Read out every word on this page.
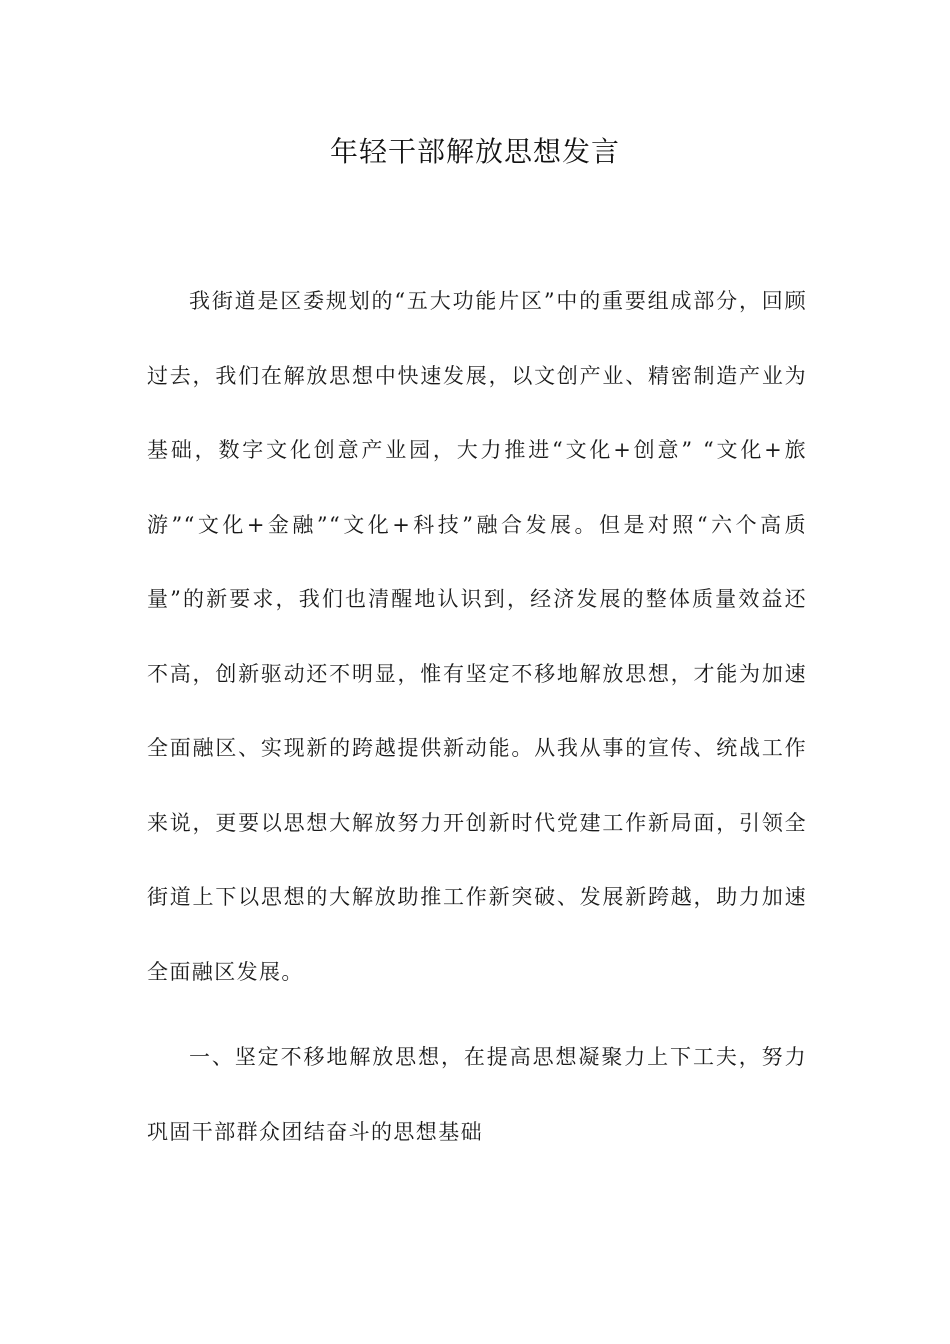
年轻干部解放思想发言

我街道是区委规划的“五大功能片区”中的重要组成部分，回顾过去，我们在解放思想中快速发展，以文创产业、精密制造产业为基础，数字文化创意产业园，大力推进“文化+创意” “文化+旅游”“文化+金融”“文化+科技”融合发展。但是对照“六个高质量”的新要求，我们也清醒地认识到，经济发展的整体质量效益还不高，创新驱动还不明显，惟有坚定不移地解放思想，才能为加速全面融区、实现新的跨越提供新动能。从我从事的宣传、统战工作来说，更要以思想大解放努力开创新时代党建工作新局面，引领全街道上下以思想的大解放助推工作新突破、发展新跨越，助力加速全面融区发展。

一、坚定不移地解放思想，在提高思想凝聚力上下工夫，努力巩固干部群众团结奋斗的思想基础
